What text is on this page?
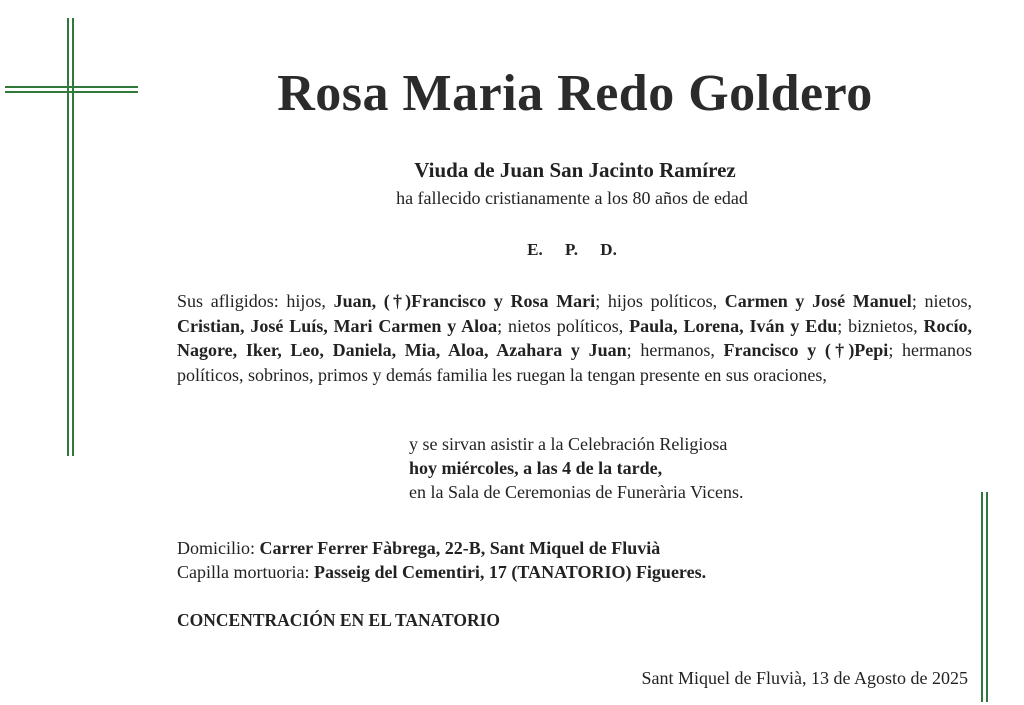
Rosa Maria Redo Goldero
Viuda de Juan San Jacinto Ramírez
ha fallecido cristianamente a los 80 años de edad
E. P. D.
Sus afligidos: hijos, Juan, (†)Francisco y Rosa Mari; hijos políticos, Carmen y José Manuel; nietos, Cristian, José Luís, Mari Carmen y Aloa; nietos políticos, Paula, Lorena, Iván y Edu; biznietos, Rocío, Nagore, Iker, Leo, Daniela, Mia, Aloa, Azahara y Juan; hermanos, Francisco y (†)Pepi; hermanos políticos, sobrinos, primos y demás familia les ruegan la tengan presente en sus oraciones,
y se sirvan asistir a la Celebración Religiosa
hoy miércoles, a las 4 de la tarde,
en la Sala de Ceremonias de Funerària Vicens.
Domicilio: Carrer Ferrer Fàbrega, 22-B, Sant Miquel de Fluvià
Capilla mortuoria: Passeig del Cementiri, 17 (TANATORIO) Figueres.
CONCENTRACIÓN EN EL TANATORIO
Sant Miquel de Fluvià, 13 de Agosto de 2025
